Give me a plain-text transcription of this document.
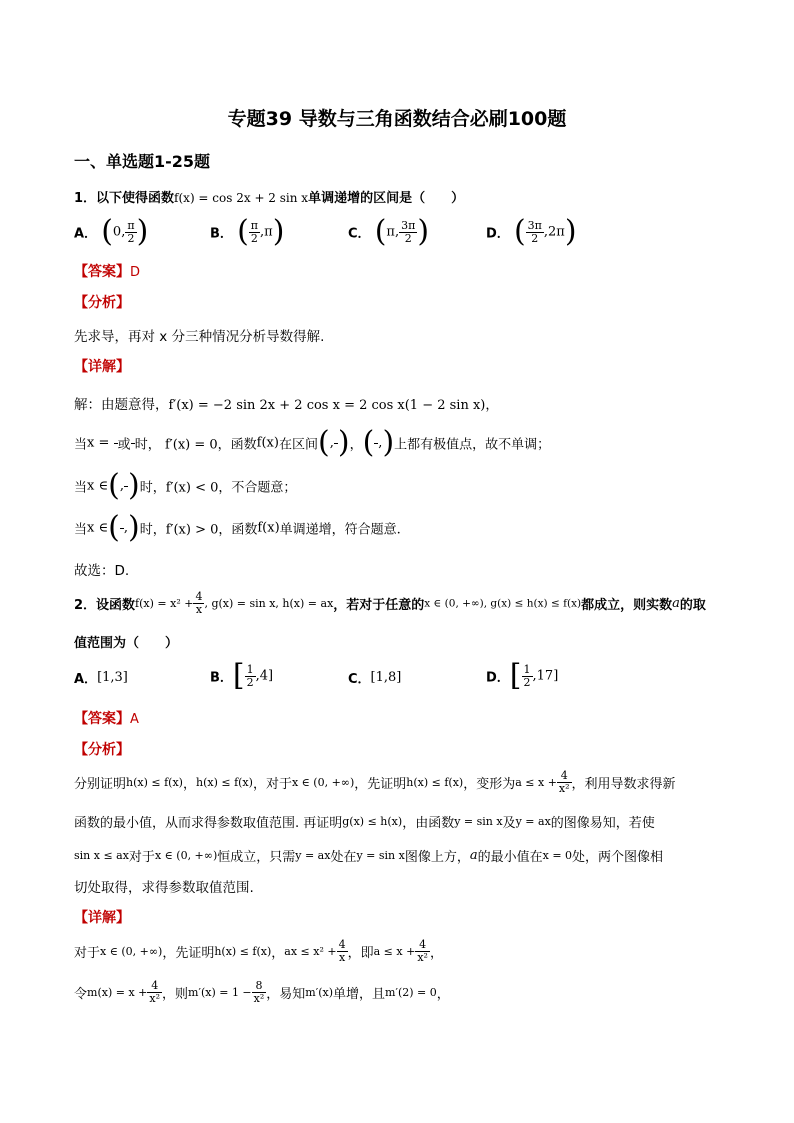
专题39 导数与三角函数结合必刷100题
一、单选题1-25题
1．以下使得函数f(x) = cos 2x + 2 sin x单调递增的区间是（　　）
A． (0, $\frac{\pi}{2}$ )	B． ( $\frac{\pi}{2} ,\pi$)	C． (π, $\frac{3\pi}{2}$ )	D． ( $\frac{3\pi}{2} ,2\pi$)
【答案】D
【分析】
先求导，再对 x 分三种情况分析导数得解.
【详解】
解：由题意得，f′(x) = −2 sin 2x + 2 cos x = 2 cos x(1 − 2 sin x)，
当x = 或 时， f′(x) = 0，函数f(x)在区间(, )，( ,)上都有极值点，故不单调；
当x ∈(, )时，f′(x) < 0，不合题意；
当x ∈( ,)时，f′(x) > 0，函数f(x)单调递增，符合题意.
故选：D.
2．设函数$f(x) = x^2 + \frac{4}{x}$ , g(x) = sin x, h(x) = ax，若对于任意的x ∈ (0, +∞), g(x) ≤ h(x) ≤ f(x)都成立，则实数a的取
值范围为（　　）
A．[1,3]	B．[ $\frac{1}{2} ,4$]	C．[1,8]	D．[ $\frac{1}{2} ,17$]
【答案】A
【分析】
分别证明h(x) ≤ f(x)，h(x) ≤ f(x)，对于x ∈ (0, +∞)，先证明h(x) ≤ f(x)，变形为$a \le x + \frac{4}{\text{x²}}$ ，利用导数求得新
函数的最小值，从而求得参数取值范围. 再证明g(x) ≤ h(x)，由函数y = sin x及y = ax的图像易知，若使
sin x ≤ ax对于x ∈ (0, +∞)恒成立，只需y = ax处在y = sin x图像上方，a的最小值在x = 0处，两个图像相
切处取得，求得参数取值范围.
【详解】
对于x ∈ (0, +∞)，先证明h(x) ≤ f(x)，ax ≤ $x^2 + \frac{4}{x}$ ，即$a \le x + \frac{4}{\text{x²}}$ ，
令$m(x) = x + \frac{4}{\text{x²}}$ ，则$m'(x) = 1 - \frac{8}{\text{x²}}$ ，易知m′(x)单增，且m′(2) = 0，
